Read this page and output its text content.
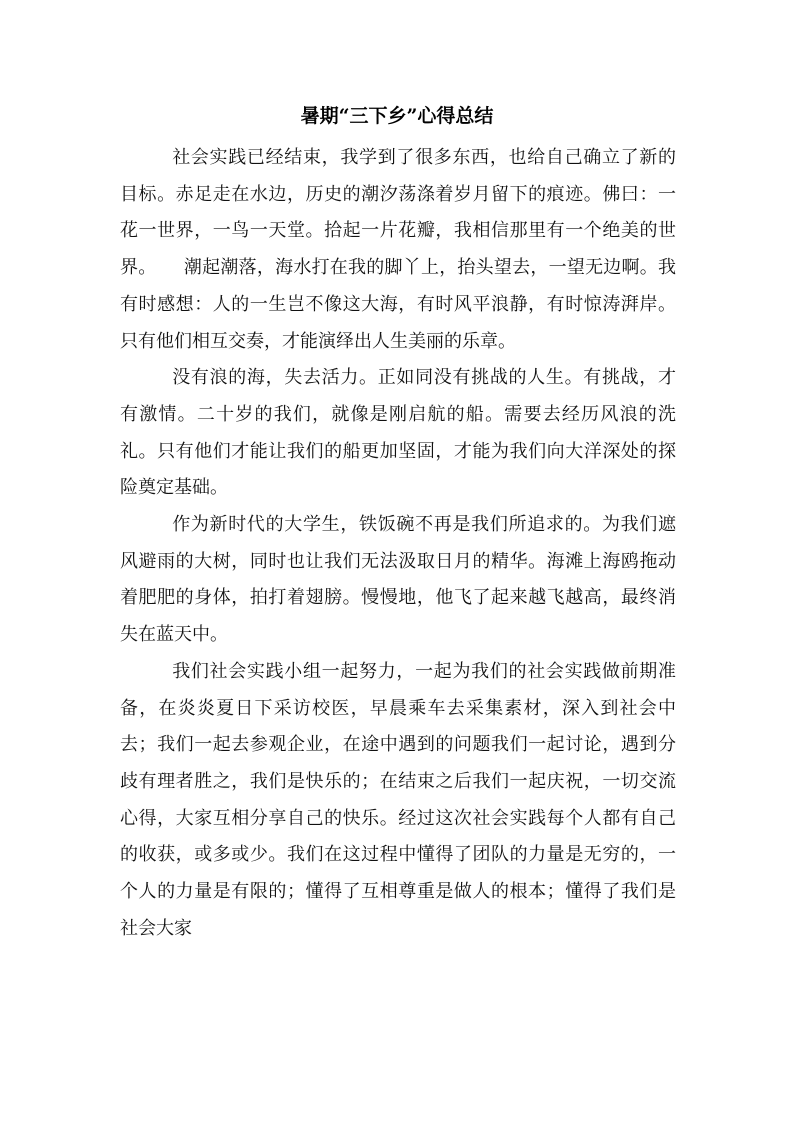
暑期“三下乡”心得总结

社会实践已经结束，我学到了很多东西，也给自己确立了新的目标。赤足走在水边，历史的潮汐荡涤着岁月留下的痕迹。佛曰：一花一世界，一鸟一天堂。拾起一片花瓣，我相信那里有一个绝美的世界。　　潮起潮落，海水打在我的脚丫上，抬头望去，一望无边啊。我有时感想：人的一生岂不像这大海，有时风平浪静，有时惊涛湃岸。只有他们相互交奏，才能演绎出人生美丽的乐章。

没有浪的海，失去活力。正如同没有挑战的人生。有挑战，才有激情。二十岁的我们，就像是刚启航的船。需要去经历风浪的洗礼。只有他们才能让我们的船更加坚固，才能为我们向大洋深处的探险奠定基础。

作为新时代的大学生，铁饭碗不再是我们所追求的。为我们遮风避雨的大树，同时也让我们无法汲取日月的精华。海滩上海鸥拖动着肥肥的身体，拍打着翅膀。慢慢地，他飞了起来越飞越高，最终消失在蓝天中。

我们社会实践小组一起努力，一起为我们的社会实践做前期准备，在炎炎夏日下采访校医，早晨乘车去采集素材，深入到社会中去；我们一起去参观企业，在途中遇到的问题我们一起讨论，遇到分歧有理者胜之，我们是快乐的；在结束之后我们一起庆祝，一切交流心得，大家互相分享自己的快乐。经过这次社会实践每个人都有自己的收获，或多或少。我们在这过程中懂得了团队的力量是无穷的，一个人的力量是有限的；懂得了互相尊重是做人的根本；懂得了我们是社会大家
